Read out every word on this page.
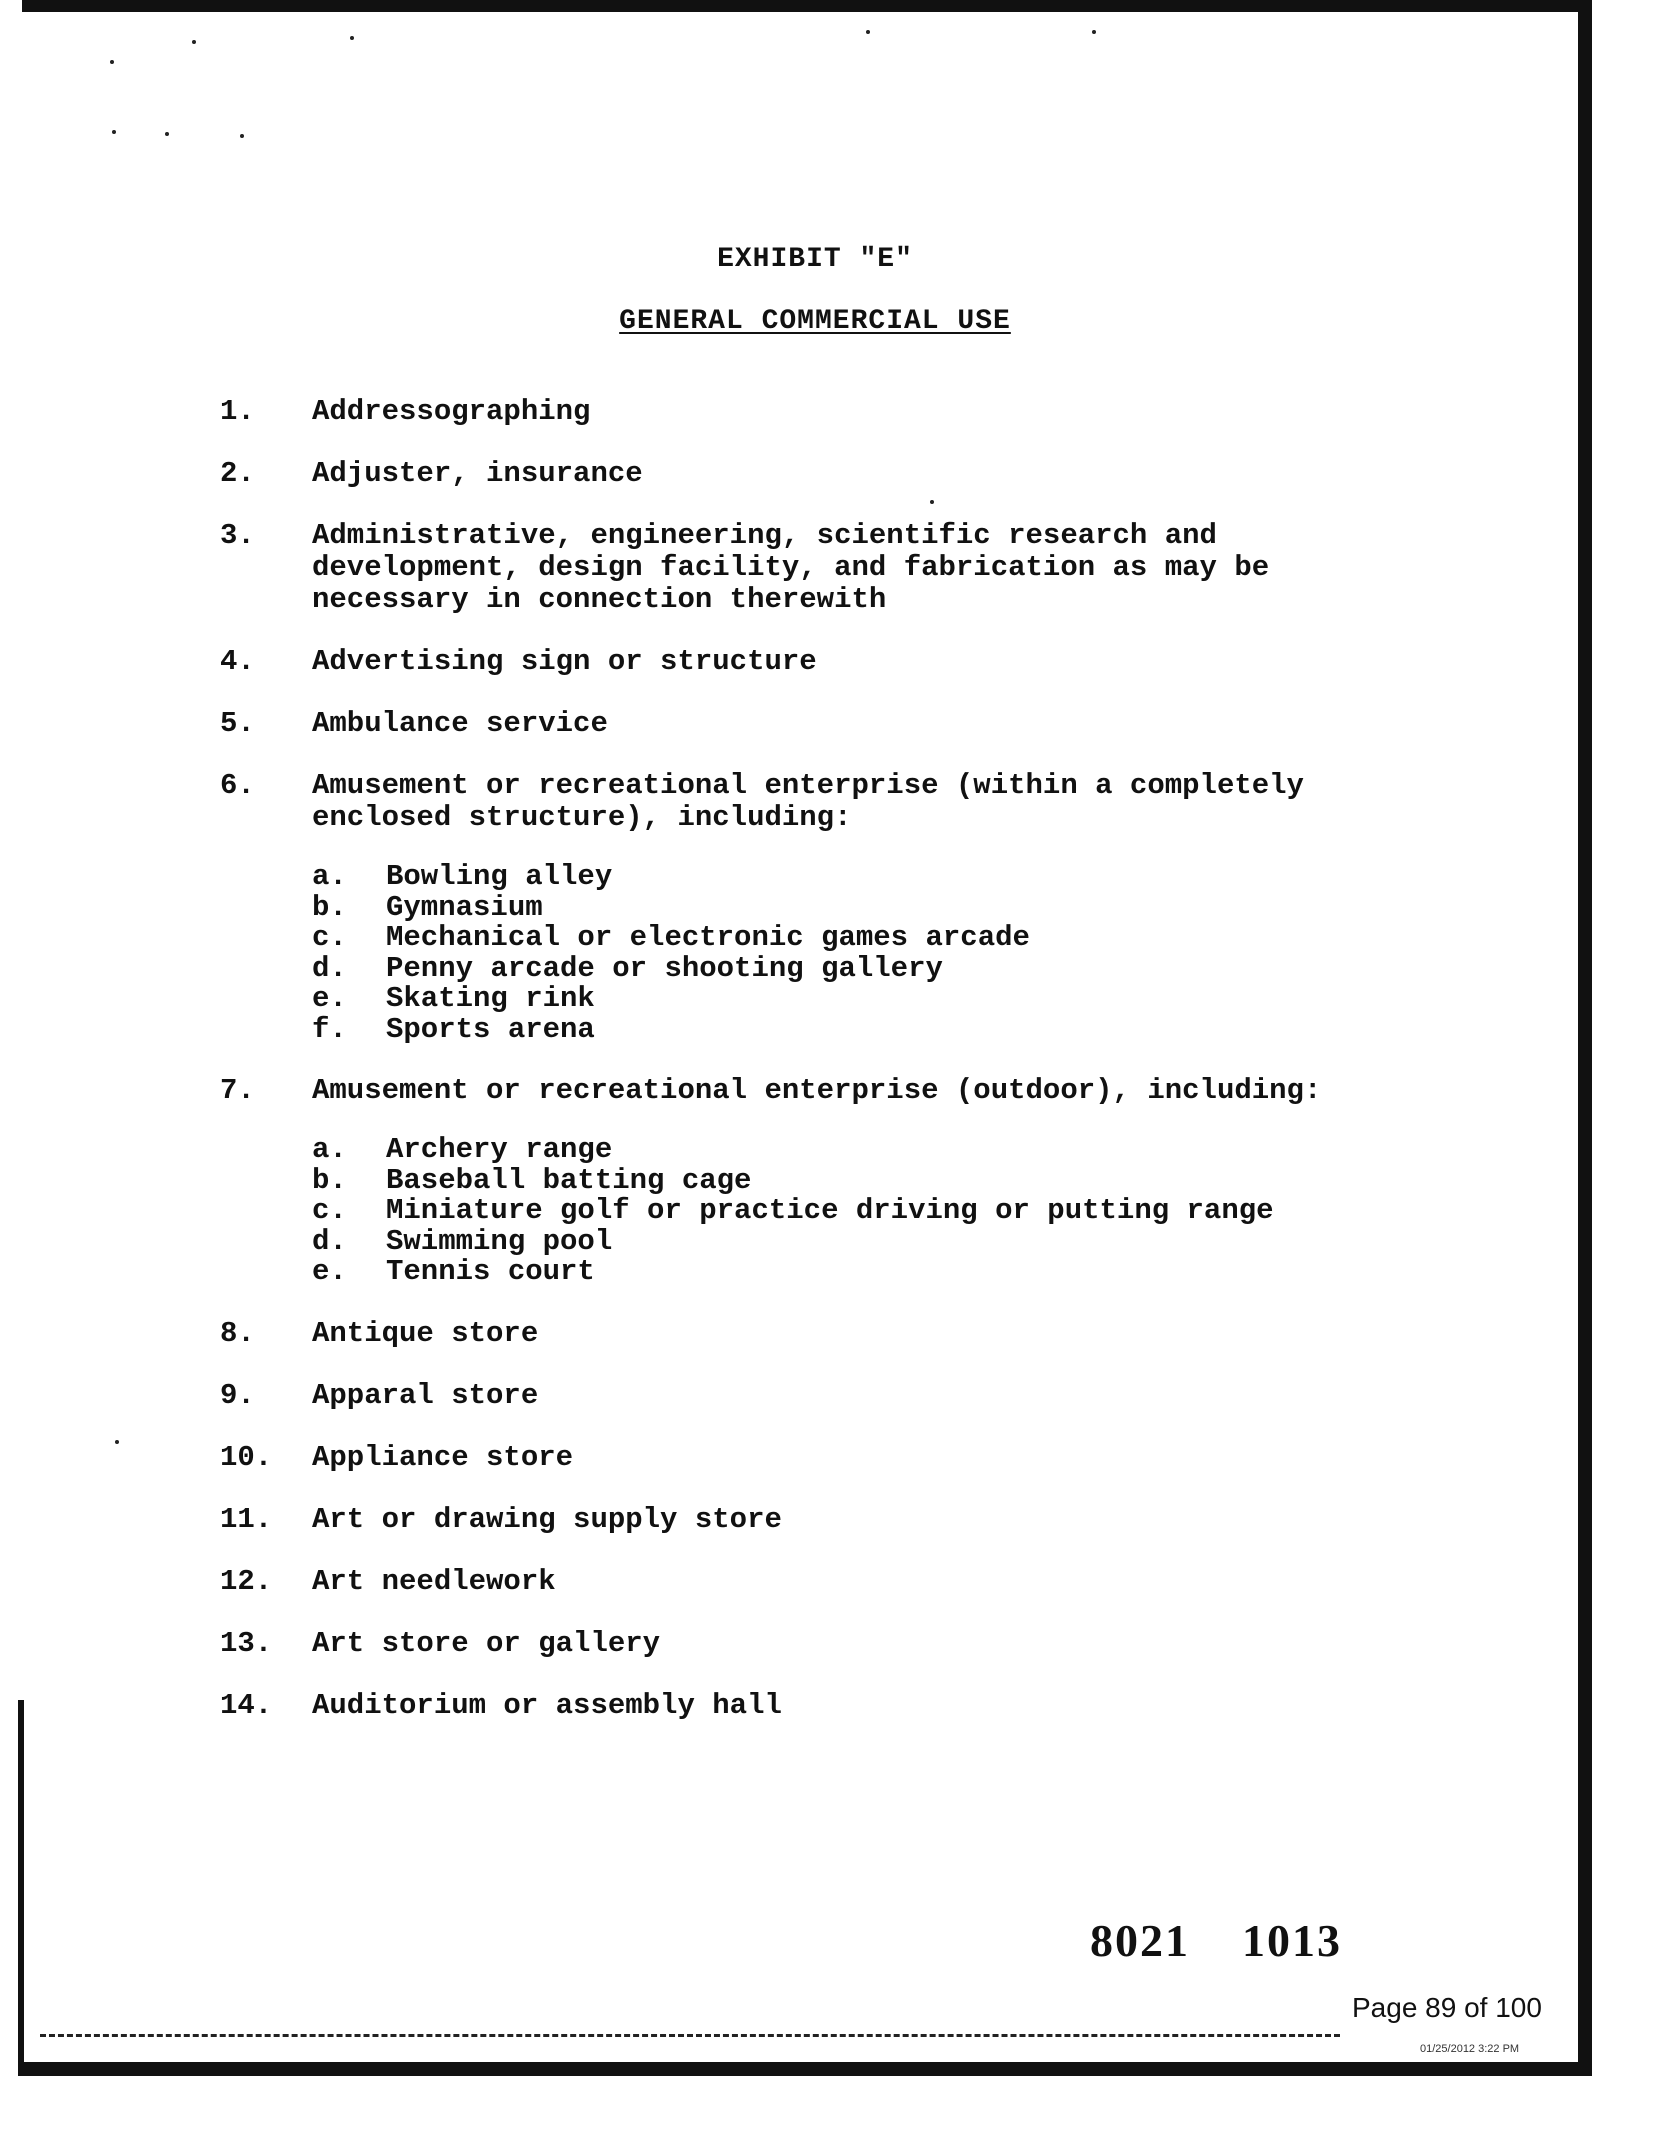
EXHIBIT "E"
GENERAL COMMERCIAL USE
1.	Addressographing
2.	Adjuster, insurance
3.	Administrative, engineering, scientific research and
development, design facility, and fabrication as may be
necessary in connection therewith
4.	Advertising sign or structure
5.	Ambulance service
6.	Amusement or recreational enterprise (within a completely
enclosed structure), including:
a.	Bowling alley
b.	Gymnasium
c.	Mechanical or electronic games arcade
d.	Penny arcade or shooting gallery
e.	Skating rink
f.	Sports arena
7.	Amusement or recreational enterprise (outdoor), including:
a.	Archery range
b.	Baseball batting cage
c.	Miniature golf or practice driving or putting range
d.	Swimming pool
e.	Tennis court
8.	Antique store
9.	Apparal store
10.	Appliance store
11.	Art or drawing supply store
12.	Art needlework
13.	Art store or gallery
14.	Auditorium or assembly hall
8021 1013
Page 89 of 100
01/25/2012 3:22 PM
